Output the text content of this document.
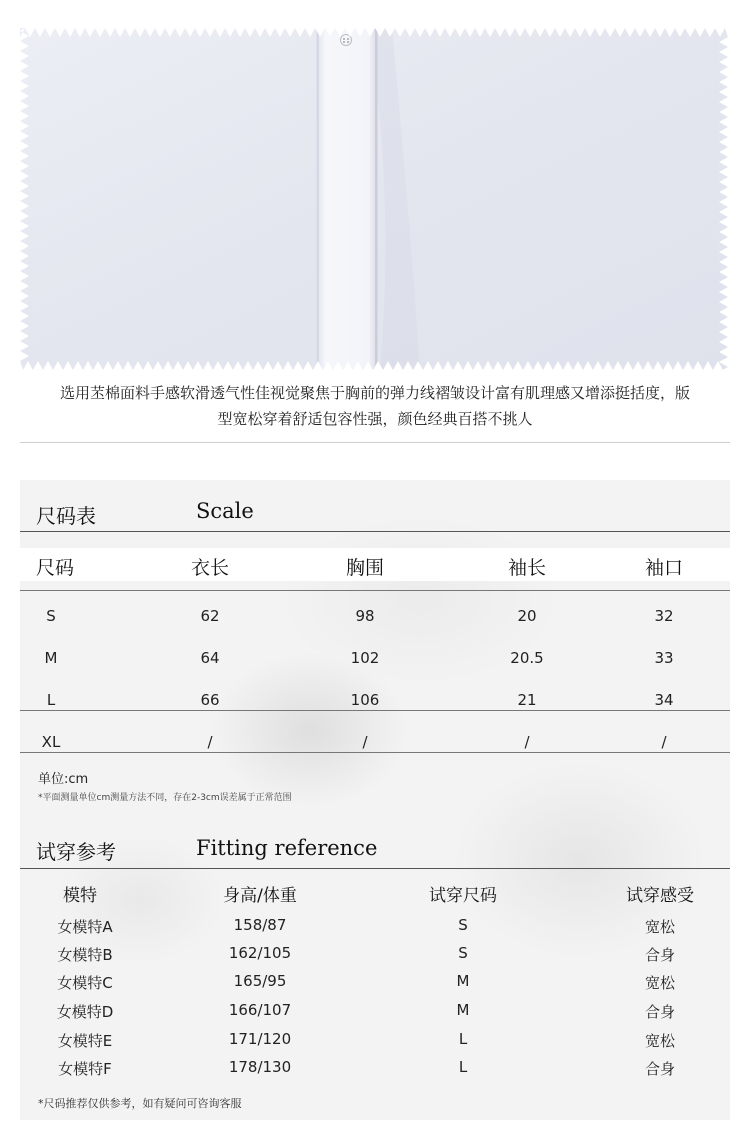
选用苤棉面料手感软滑透气性佳视觉聚焦于胸前的弹力线褶皱设计富有肌理感又增添挺括度，版
型宽松穿着舒适包容性强，颜色经典百搭不挑人
尺码表	Scale
尺码	衣长	胸围	袖长	袖口
S	62	98	20	32
M	64	102	20.5	33
L	66	106	21	34
XL	/	/	/	/
单位:cm
*平面测量单位cm测量方法不同，存在2-3cm误差属于正常范围
试穿参考	Fitting reference
模特	身高/体重	试穿尺码	试穿感受
女模特A	158/87	S	宽松
女模特B	162/105	S	合身
女模特C	165/95	M	宽松
女模特D	166/107	M	合身
女模特E	171/120	L	宽松
女模特F	178/130	L	合身
*尺码推荐仅供参考，如有疑问可咨询客服
